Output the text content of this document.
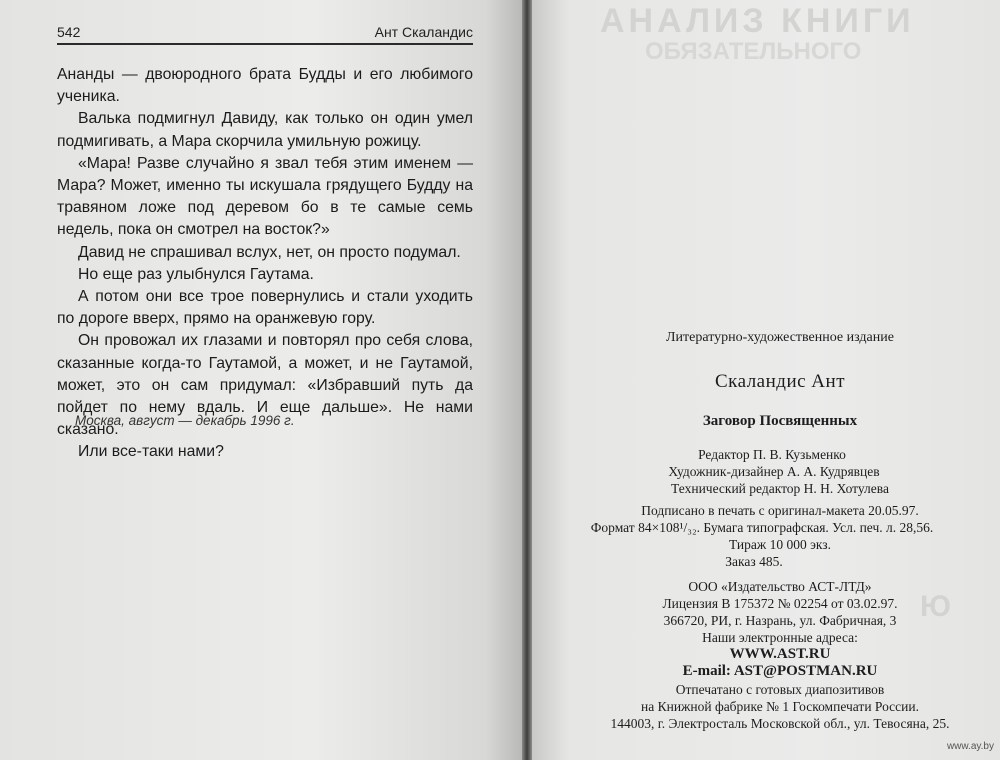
542	Ант Скаландис

Ананды — двоюродного брата Будды и его любимого ученика.

Валька подмигнул Давиду, как только он один умел подмигивать, а Мара скорчила умильную рожицу.

«Мара! Разве случайно я звал тебя этим именем — Мара? Может, именно ты искушала грядущего Будду на травяном ложе под деревом бо в те самые семь недель, пока он смотрел на восток?»

Давид не спрашивал вслух, нет, он просто подумал.

Но еще раз улыбнулся Гаутама.

А потом они все трое повернулись и стали уходить по дороге вверх, прямо на оранжевую гору.

Он провожал их глазами и повторял про себя слова, сказанные когда-то Гаутамой, а может, и не Гаутамой, может, это он сам придумал: «Избравший путь да пойдет по нему вдаль. И еще дальше». Не нами сказано.

Или все-таки нами?

Москва, август — декабрь 1996 г.
АНАЛИЗ КНИГИ
ОБЯЗАТЕЛЬНОГО
Ю
Литературно-художественное издание
Скаландис Ант
Заговор Посвященных
Редактор П. В. Кузьменко
Художник-дизайнер А. А. Кудрявцев
Технический редактор Н. Н. Хотулева
Подписано в печать с оригинал-макета 20.05.97.
Формат 84×108¹/₃₂. Бумага типографская. Усл. печ. л. 28,56.
Тираж 10 000 экз.
Заказ 485.
ООО «Издательство АСТ-ЛТД»
Лицензия В 175372 № 02254 от 03.02.97.
366720, РИ, г. Назрань, ул. Фабричная, 3
Наши электронные адреса:
WWW.AST.RU
E-mail: AST@POSTMAN.RU
Отпечатано с готовых диапозитивов
на Книжной фабрике № 1 Госкомпечати России.
144003, г. Электросталь Московской обл., ул. Тевосяна, 25.
www.ay.by
